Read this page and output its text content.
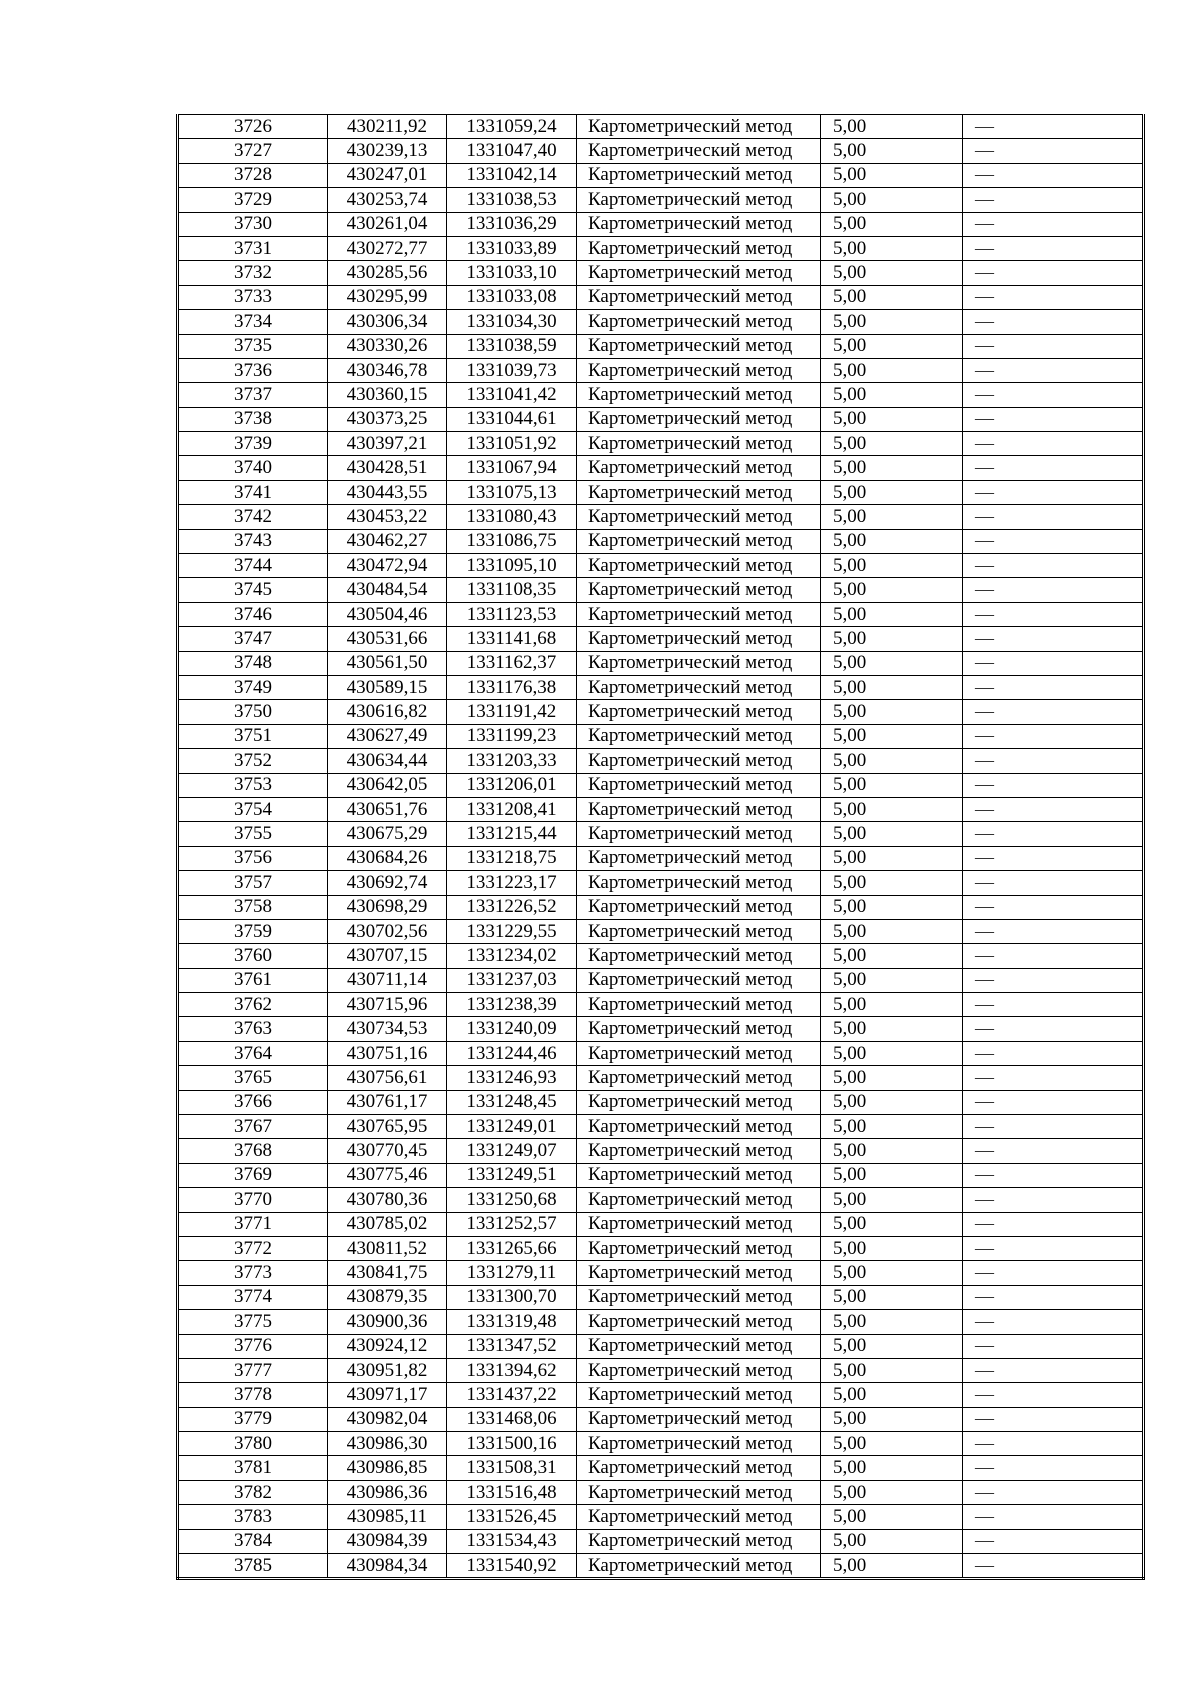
3726	430211,92	1331059,24	Картометрический метод	5,00	—
3727	430239,13	1331047,40	Картометрический метод	5,00	—
3728	430247,01	1331042,14	Картометрический метод	5,00	—
3729	430253,74	1331038,53	Картометрический метод	5,00	—
3730	430261,04	1331036,29	Картометрический метод	5,00	—
3731	430272,77	1331033,89	Картометрический метод	5,00	—
3732	430285,56	1331033,10	Картометрический метод	5,00	—
3733	430295,99	1331033,08	Картометрический метод	5,00	—
3734	430306,34	1331034,30	Картометрический метод	5,00	—
3735	430330,26	1331038,59	Картометрический метод	5,00	—
3736	430346,78	1331039,73	Картометрический метод	5,00	—
3737	430360,15	1331041,42	Картометрический метод	5,00	—
3738	430373,25	1331044,61	Картометрический метод	5,00	—
3739	430397,21	1331051,92	Картометрический метод	5,00	—
3740	430428,51	1331067,94	Картометрический метод	5,00	—
3741	430443,55	1331075,13	Картометрический метод	5,00	—
3742	430453,22	1331080,43	Картометрический метод	5,00	—
3743	430462,27	1331086,75	Картометрический метод	5,00	—
3744	430472,94	1331095,10	Картометрический метод	5,00	—
3745	430484,54	1331108,35	Картометрический метод	5,00	—
3746	430504,46	1331123,53	Картометрический метод	5,00	—
3747	430531,66	1331141,68	Картометрический метод	5,00	—
3748	430561,50	1331162,37	Картометрический метод	5,00	—
3749	430589,15	1331176,38	Картометрический метод	5,00	—
3750	430616,82	1331191,42	Картометрический метод	5,00	—
3751	430627,49	1331199,23	Картометрический метод	5,00	—
3752	430634,44	1331203,33	Картометрический метод	5,00	—
3753	430642,05	1331206,01	Картометрический метод	5,00	—
3754	430651,76	1331208,41	Картометрический метод	5,00	—
3755	430675,29	1331215,44	Картометрический метод	5,00	—
3756	430684,26	1331218,75	Картометрический метод	5,00	—
3757	430692,74	1331223,17	Картометрический метод	5,00	—
3758	430698,29	1331226,52	Картометрический метод	5,00	—
3759	430702,56	1331229,55	Картометрический метод	5,00	—
3760	430707,15	1331234,02	Картометрический метод	5,00	—
3761	430711,14	1331237,03	Картометрический метод	5,00	—
3762	430715,96	1331238,39	Картометрический метод	5,00	—
3763	430734,53	1331240,09	Картометрический метод	5,00	—
3764	430751,16	1331244,46	Картометрический метод	5,00	—
3765	430756,61	1331246,93	Картометрический метод	5,00	—
3766	430761,17	1331248,45	Картометрический метод	5,00	—
3767	430765,95	1331249,01	Картометрический метод	5,00	—
3768	430770,45	1331249,07	Картометрический метод	5,00	—
3769	430775,46	1331249,51	Картометрический метод	5,00	—
3770	430780,36	1331250,68	Картометрический метод	5,00	—
3771	430785,02	1331252,57	Картометрический метод	5,00	—
3772	430811,52	1331265,66	Картометрический метод	5,00	—
3773	430841,75	1331279,11	Картометрический метод	5,00	—
3774	430879,35	1331300,70	Картометрический метод	5,00	—
3775	430900,36	1331319,48	Картометрический метод	5,00	—
3776	430924,12	1331347,52	Картометрический метод	5,00	—
3777	430951,82	1331394,62	Картометрический метод	5,00	—
3778	430971,17	1331437,22	Картометрический метод	5,00	—
3779	430982,04	1331468,06	Картометрический метод	5,00	—
3780	430986,30	1331500,16	Картометрический метод	5,00	—
3781	430986,85	1331508,31	Картометрический метод	5,00	—
3782	430986,36	1331516,48	Картометрический метод	5,00	—
3783	430985,11	1331526,45	Картометрический метод	5,00	—
3784	430984,39	1331534,43	Картометрический метод	5,00	—
3785	430984,34	1331540,92	Картометрический метод	5,00	—
